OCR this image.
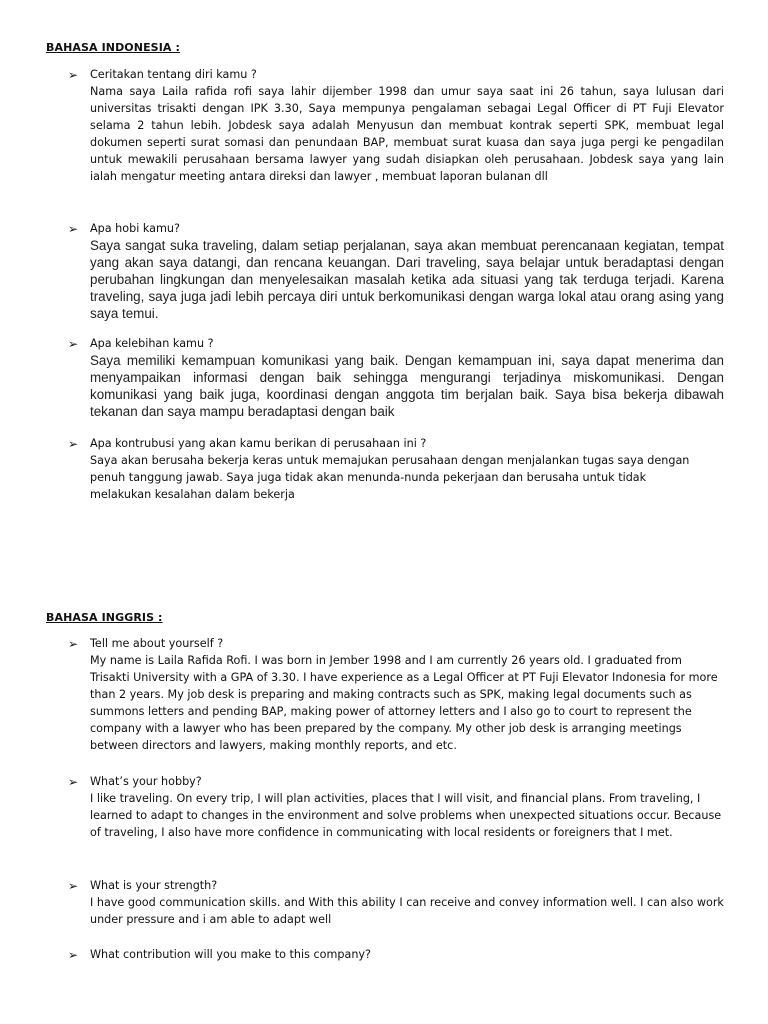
BAHASA INDONESIA :
➢ Ceritakan tentang diri kamu ?
Nama saya Laila rafida rofi saya lahir dijember 1998 dan umur saya saat ini 26 tahun, saya lulusan dari universitas trisakti dengan IPK 3.30, Saya mempunya pengalaman sebagai Legal Officer di PT Fuji Elevator selama 2 tahun lebih. Jobdesk saya adalah Menyusun dan membuat kontrak seperti SPK, membuat legal dokumen seperti surat somasi dan penundaan BAP, membuat surat kuasa dan saya juga pergi ke pengadilan untuk mewakili perusahaan bersama lawyer yang sudah disiapkan oleh perusahaan. Jobdesk saya yang lain ialah mengatur meeting antara direksi dan lawyer , membuat laporan bulanan dll
➢ Apa hobi kamu?
Saya sangat suka traveling, dalam setiap perjalanan, saya akan membuat perencanaan kegiatan, tempat yang akan saya datangi, dan rencana keuangan. Dari traveling, saya belajar untuk beradaptasi dengan perubahan lingkungan dan menyelesaikan masalah ketika ada situasi yang tak terduga terjadi. Karena traveling, saya juga jadi lebih percaya diri untuk berkomunikasi dengan warga lokal atau orang asing yang saya temui.
➢ Apa kelebihan kamu ?
Saya memiliki kemampuan komunikasi yang baik. Dengan kemampuan ini, saya dapat menerima dan menyampaikan informasi dengan baik sehingga mengurangi terjadinya miskomunikasi. Dengan komunikasi yang baik juga, koordinasi dengan anggota tim berjalan baik. Saya bisa bekerja dibawah tekanan dan saya mampu beradaptasi dengan baik
➢ Apa kontrubusi yang akan kamu berikan di perusahaan ini ?
Saya akan berusaha bekerja keras untuk memajukan perusahaan dengan menjalankan tugas saya dengan penuh tanggung jawab. Saya juga tidak akan menunda-nunda pekerjaan dan berusaha untuk tidak melakukan kesalahan dalam bekerja
BAHASA INGGRIS :
➢ Tell me about yourself ?
My name is Laila Rafida Rofi. I was born in Jember 1998 and I am currently 26 years old. I graduated from Trisakti University with a GPA of 3.30. I have experience as a Legal Officer at PT Fuji Elevator Indonesia for more than 2 years. My job desk is preparing and making contracts such as SPK, making legal documents such as summons letters and pending BAP, making power of attorney letters and I also go to court to represent the company with a lawyer who has been prepared by the company. My other job desk is arranging meetings between directors and lawyers, making monthly reports, and etc.
➢ What’s your hobby?
I like traveling. On every trip, I will plan activities, places that I will visit, and financial plans. From traveling, I learned to adapt to changes in the environment and solve problems when unexpected situations occur. Because of traveling, I also have more confidence in communicating with local residents or foreigners that I met.
➢ What is your strength?
I have good communication skills. and With this ability I can receive and convey information well. I can also work under pressure and i am able to adapt well
➢ What contribution will you make to this company?
